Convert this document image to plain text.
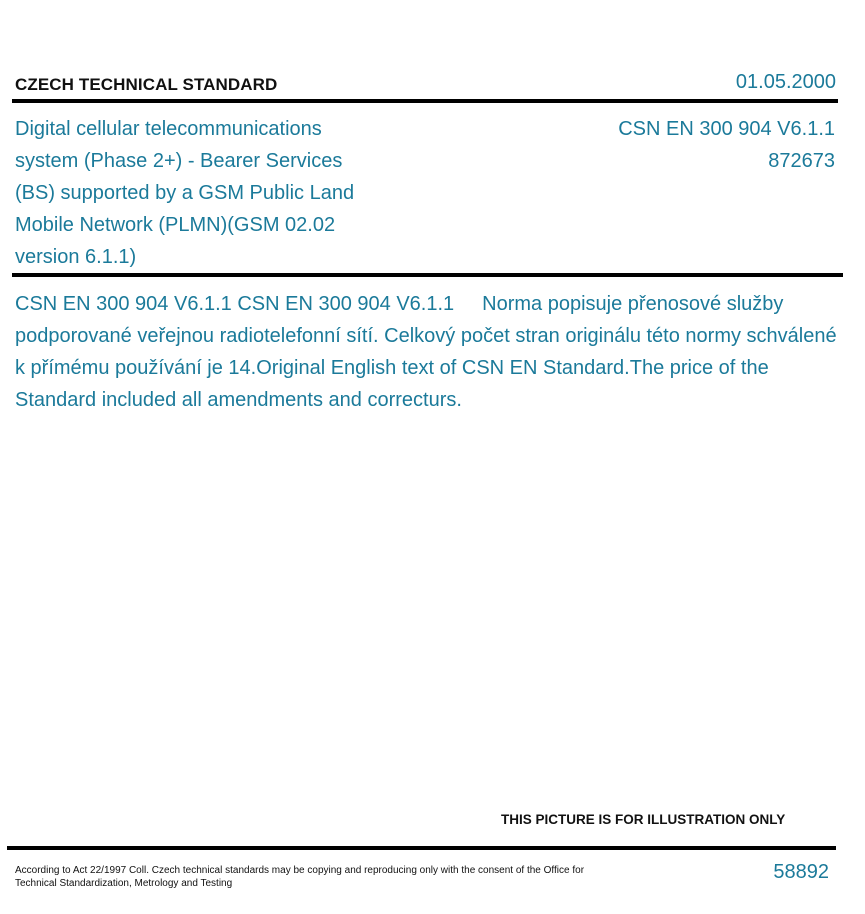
CZECH TECHNICAL STANDARD	01.05.2000
Digital cellular telecommunications system (Phase 2+) - Bearer Services (BS) supported by a GSM Public Land Mobile Network (PLMN)(GSM 02.02 version 6.1.1)
CSN EN 300 904 V6.1.1
872673
CSN EN 300 904 V6.1.1 CSN EN 300 904 V6.1.1 Norma popisuje přenosové služby podporované veřejnou radiotelefonní sítí. Celkový počet stran originálu této normy schválené k přímému používání je 14.Original English text of CSN EN Standard.The price of the Standard included all amendments and correcturs.
THIS PICTURE IS FOR ILLUSTRATION ONLY
According to Act 22/1997 Coll. Czech technical standards may be copying and reproducing only with the consent of the Office for Technical Standardization, Metrology and Testing
58892
